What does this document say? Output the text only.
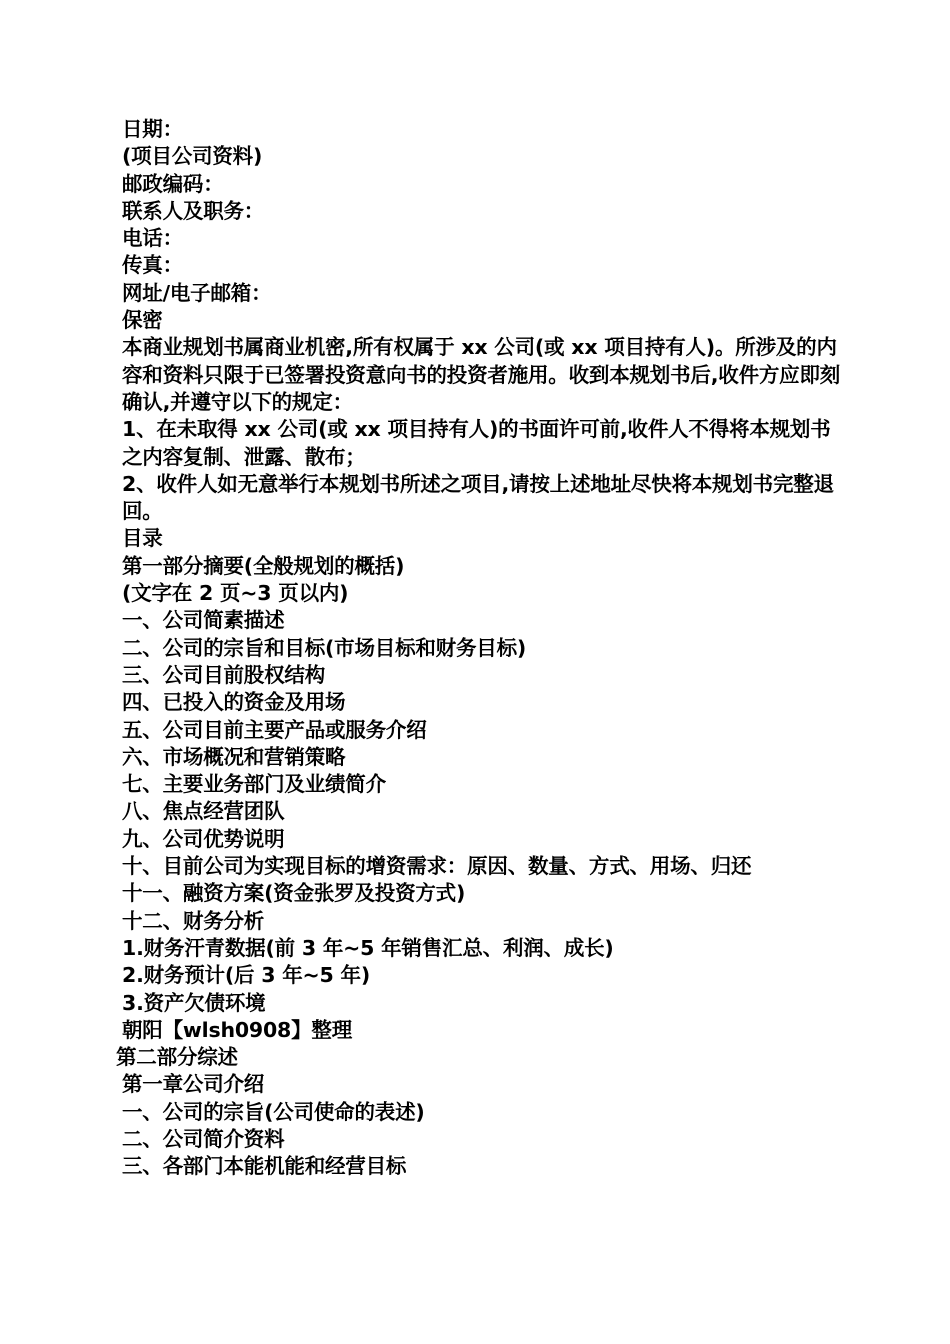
日期：

(项目公司资料)

邮政编码：

联系人及职务：

电话：

传真：

网址/电子邮箱：

保密

本商业规划书属商业机密,所有权属于 xx 公司(或 xx 项目持有人)。所涉及的内容和资料只限于已签署投资意向书的投资者施用。收到本规划书后,收件方应即刻确认,并遵守以下的规定：

1、在未取得 xx 公司(或 xx 项目持有人)的书面许可前,收件人不得将本规划书之内容复制、泄露、散布；

2、收件人如无意举行本规划书所述之项目,请按上述地址尽快将本规划书完整退回。

目录

第一部分摘要(全般规划的概括)

(文字在 2 页~3 页以内)

一、公司简素描述

二、公司的宗旨和目标(市场目标和财务目标)

三、公司目前股权结构

四、已投入的资金及用场

五、公司目前主要产品或服务介绍

六、市场概况和营销策略

七、主要业务部门及业绩简介

八、焦点经营团队

九、公司优势说明

十、目前公司为实现目标的增资需求：原因、数量、方式、用场、归还

十一、融资方案(资金张罗及投资方式)

十二、财务分析

1.财务汗青数据(前 3 年~5 年销售汇总、利润、成长)

2.财务预计(后 3 年~5 年)

3.资产欠债环境

朝阳【wlsh0908】整理

第二部分综述

第一章公司介绍

一、公司的宗旨(公司使命的表述)

二、公司简介资料

三、各部门本能机能和经营目标
